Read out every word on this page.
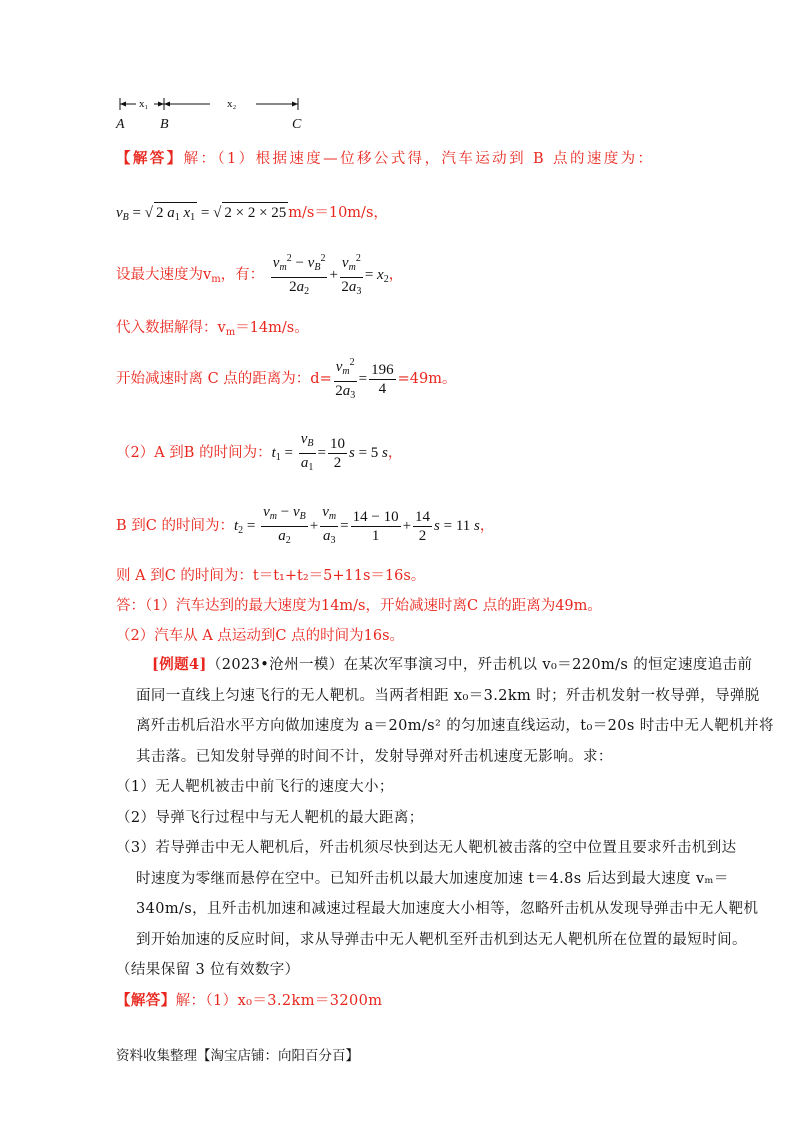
x₁	x₂
A	B	C
【解答】解：（1）根据速度—位移公式得，汽车运动到 B 点的速度为：
$v_B$ = √ 2 $a_1$ $x_1$ = √ 2 × 2 × 25 m/s＝10m/s，
设最大速度为$v_m$，有： $\frac{v_m^2 - v_B^2}{2a_2} + \frac{v_m^2}{2a_3} = x_2$，
代入数据解得：$v_m=14m/s$。
开始减速时离 C 点的距离为：$d= \frac{v_m^2}{2a_3} = \frac{196}{4} =49m$。
（2）A 到B 的时间为：$t_1 = \frac{v_B}{a_1} = \frac{10}{2}$ s = 5 s，
B 到C 的时间为：$t_2 = \frac{v_m - v_B}{a_2} + \frac{v_m}{a_3} = \frac{14 - 10}{1} + \frac{14}{2}$ s = 11 s，
则 A 到C 的时间为：t＝t₁+t₂＝5+11s＝16s。
答：（1）汽车达到的最大速度为14m/s，开始减速时离C 点的距离为49m。
（2）汽车从 A 点运动到C 点的时间为16s。
[例题4]（2023•沧州一模）在某次军事演习中，歼击机以 v₀＝220m/s 的恒定速度追击前
面同一直线上匀速飞行的无人靶机。当两者相距 x₀＝3.2km 时；歼击机发射一枚导弹，导弹脱
离歼击机后沿水平方向做加速度为 a＝20m/s² 的匀加速直线运动，t₀＝20s 时击中无人靶机并将
其击落。已知发射导弹的时间不计，发射导弹对歼击机速度无影响。求：
（1）无人靶机被击中前飞行的速度大小；
（2）导弹飞行过程中与无人靶机的最大距离；
（3）若导弹击中无人靶机后，歼击机须尽快到达无人靶机被击落的空中位置且要求歼击机到达
时速度为零继而悬停在空中。已知歼击机以最大加速度加速 t＝4.8s 后达到最大速度 vₘ＝
340m/s，且歼击机加速和减速过程最大加速度大小相等，忽略歼击机从发现导弹击中无人靶机
到开始加速的反应时间，求从导弹击中无人靶机至歼击机到达无人靶机所在位置的最短时间。
（结果保留 3 位有效数字）
【解答】解：（1）x₀＝3.2km＝3200m
资料收集整理【淘宝店铺：向阳百分百】
